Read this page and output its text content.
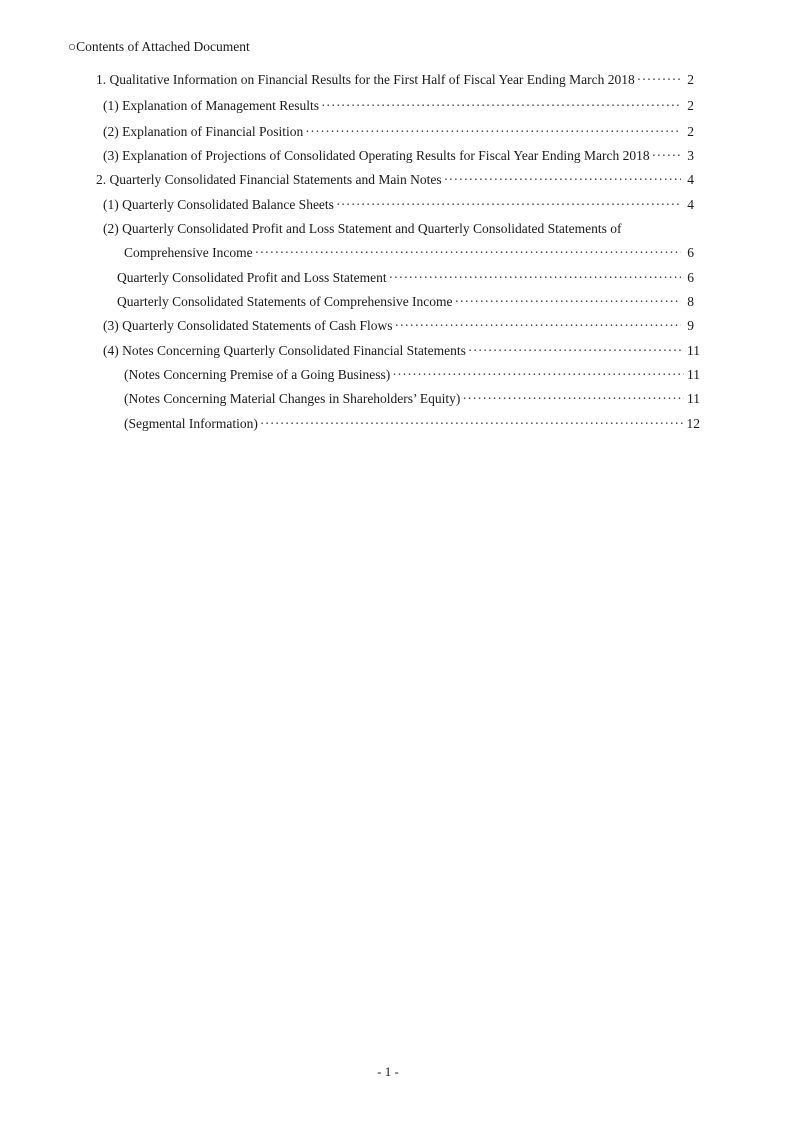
○Contents of Attached Document
1. Qualitative Information on Financial Results for the First Half of Fiscal Year Ending March 2018 ·····	2
(1) Explanation of Management Results ·····	2
(2) Explanation of Financial Position ·····	2
(3) Explanation of Projections of Consolidated Operating Results for Fiscal Year Ending March 2018 ·····	3
2. Quarterly Consolidated Financial Statements and Main Notes ·····	4
(1) Quarterly Consolidated Balance Sheets ·····	4
(2) Quarterly Consolidated Profit and Loss Statement and Quarterly Consolidated Statements of
Comprehensive Income ·····	6
Quarterly Consolidated Profit and Loss Statement ·····	6
Quarterly Consolidated Statements of Comprehensive Income ·····	8
(3) Quarterly Consolidated Statements of Cash Flows ·····	9
(4) Notes Concerning Quarterly Consolidated Financial Statements ·····	11
(Notes Concerning Premise of a Going Business) ·····	11
(Notes Concerning Material Changes in Shareholders’ Equity) ·····	11
(Segmental Information) ·····	12
- 1 -
